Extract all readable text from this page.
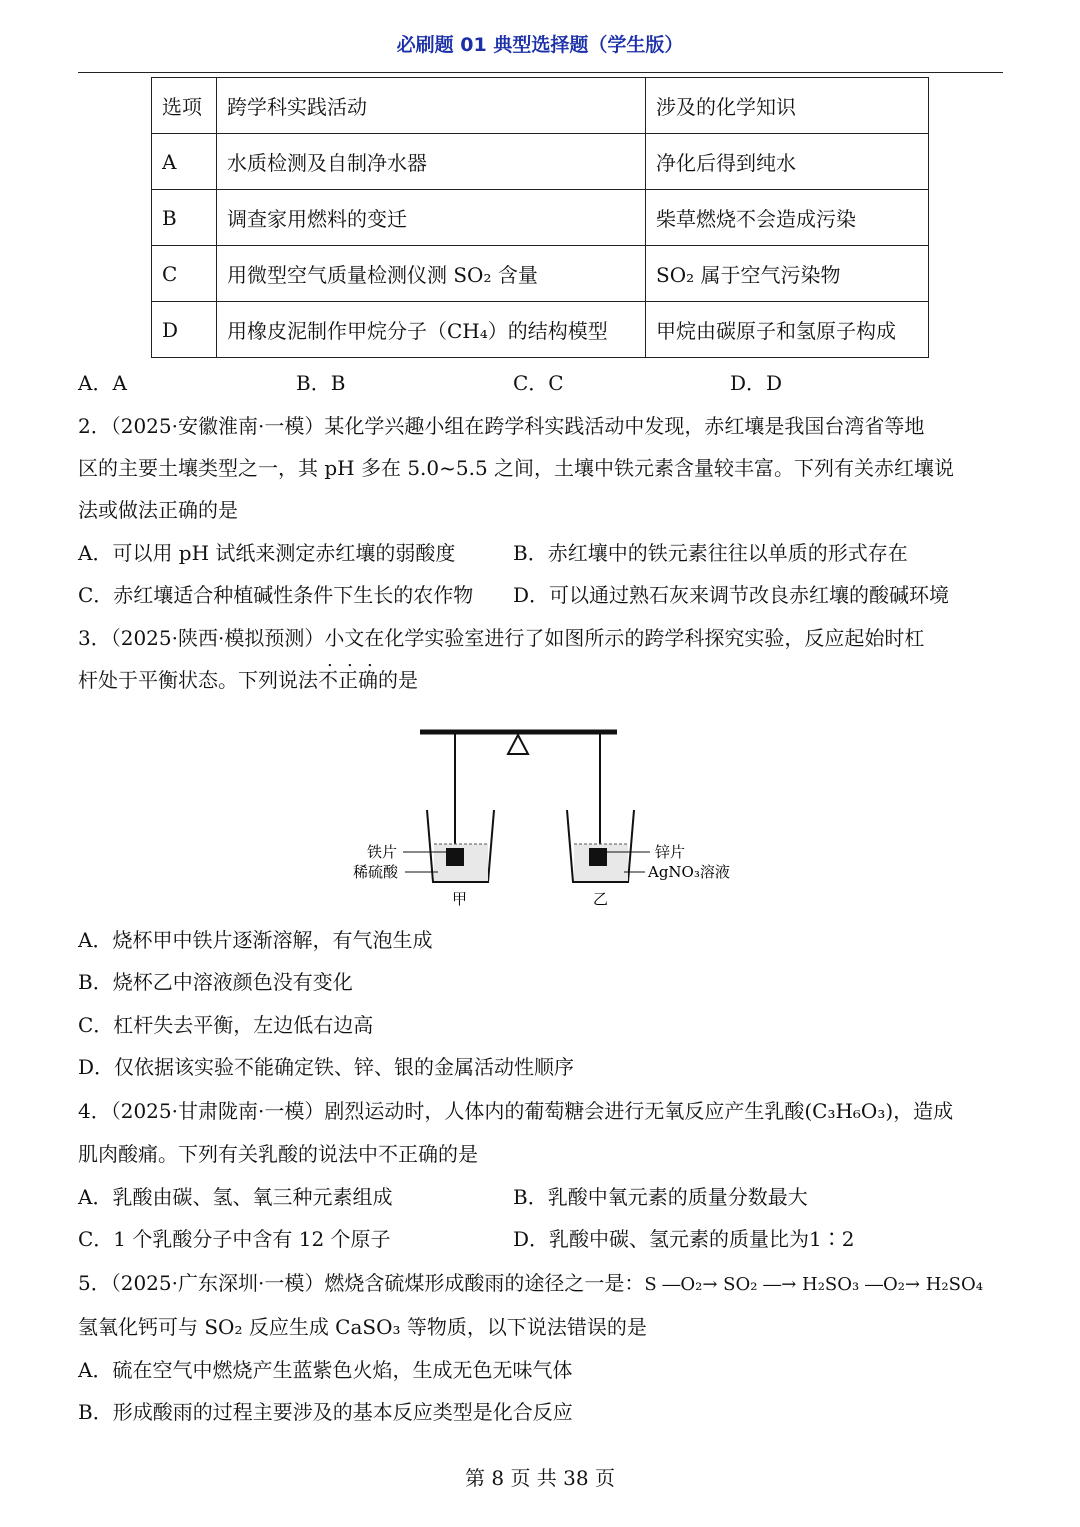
必刷题 01 典型选择题（学生版）
选项	跨学科实践活动	涉及的化学知识
A	水质检测及自制净水器	净化后得到纯水
B	调查家用燃料的变迁	柴草燃烧不会造成污染
C	用微型空气质量检测仪测 SO₂ 含量	SO₂ 属于空气污染物
D	用橡皮泥制作甲烷分子（CH₄）的结构模型	甲烷由碳原子和氢原子构成
A．A	B．B	C．C	D．D
2．（2025·安徽淮南·一模）某化学兴趣小组在跨学科实践活动中发现，赤红壤是我国台湾省等地
区的主要土壤类型之一，其 pH 多在 5.0~5.5 之间，土壤中铁元素含量较丰富。下列有关赤红壤说
法或做法正确的是
A．可以用 pH 试纸来测定赤红壤的弱酸度	B．赤红壤中的铁元素往往以单质的形式存在
C．赤红壤适合种植碱性条件下生长的农作物 D．可以通过熟石灰来调节改良赤红壤的酸碱环境
3．（2025·陕西·模拟预测）小文在化学实验室进行了如图所示的跨学科探究实验，反应起始时杠
杆处于平衡状态。下列说法不正确的是
铁片
稀硫酸
锌片
AgNO₃溶液
甲	乙
A．烧杯甲中铁片逐渐溶解，有气泡生成
B．烧杯乙中溶液颜色没有变化
C．杠杆失去平衡，左边低右边高
D．仅依据该实验不能确定铁、锌、银的金属活动性顺序
4．（2025·甘肃陇南·一模）剧烈运动时，人体内的葡萄糖会进行无氧反应产生乳酸(C₃H₆O₃)，造成
肌肉酸痛。下列有关乳酸的说法中不正确的是
A．乳酸由碳、氢、氧三种元素组成	B．乳酸中氧元素的质量分数最大
C．1 个乳酸分子中含有 12 个原子	D．乳酸中碳、氢元素的质量比为1∶2
5．（2025·广东深圳·一模）燃烧含硫煤形成酸雨的途径之一是：S ―O₂→ SO₂ ―→ H₂SO₃ ―O₂→ H₂SO₄
氢氧化钙可与 SO₂ 反应生成 CaSO₃ 等物质，以下说法错误的是
A．硫在空气中燃烧产生蓝紫色火焰，生成无色无味气体
B．形成酸雨的过程主要涉及的基本反应类型是化合反应
第 8 页 共 38 页
